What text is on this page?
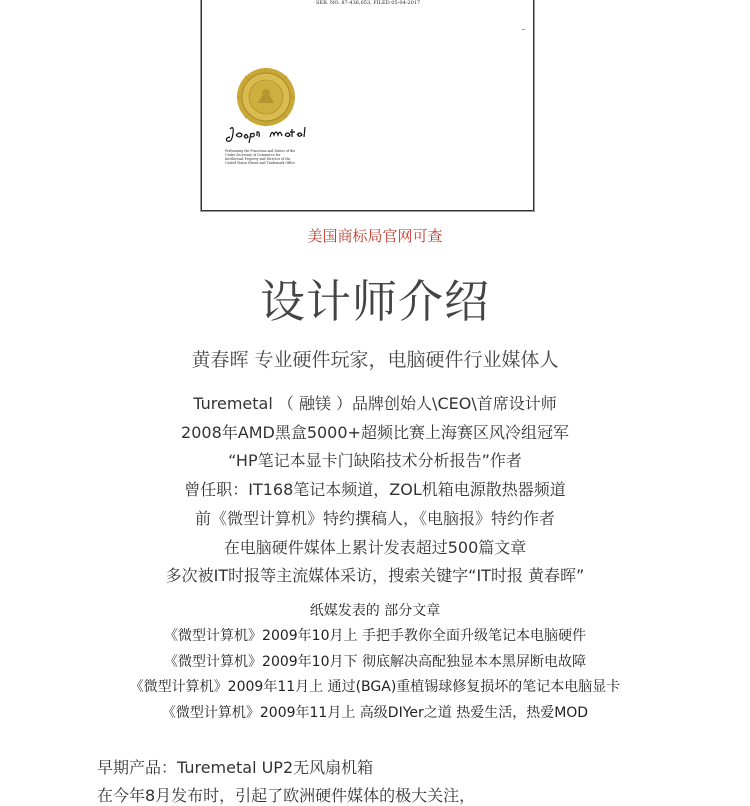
SER. NO. 87-436,053, FILED 05-04-2017
Performing the Functions and Duties of the
Under Secretary of Commerce for
Intellectual Property and Director of the
United States Patent and Trademark Office
美国商标局官网可查
设计师介绍
黄春晖 专业硬件玩家，电脑硬件行业媒体人
Turemetal （ 融镁 ）品牌创始人\CEO\首席设计师
2008年AMD黑盒5000+超频比赛上海赛区风冷组冠军
“HP笔记本显卡门缺陷技术分析报告”作者
曾任职：IT168笔记本频道，ZOL机箱电源散热器频道
前《微型计算机》特约撰稿人，《电脑报》特约作者
在电脑硬件媒体上累计发表超过500篇文章
多次被IT时报等主流媒体采访，搜索关键字“IT时报 黄春晖”
纸媒发表的 部分文章
《微型计算机》2009年10月上 手把手教你全面升级笔记本电脑硬件
《微型计算机》2009年10月下 彻底解决高配独显本本黑屏断电故障
《微型计算机》2009年11月上 通过(BGA)重植锡球修复损坏的笔记本电脑显卡
《微型计算机》2009年11月上 高级DIYer之道 热爱生活，热爱MOD
早期产品：Turemetal UP2无风扇机箱
在今年8月发布时，引起了欧洲硬件媒体的极大关注，
